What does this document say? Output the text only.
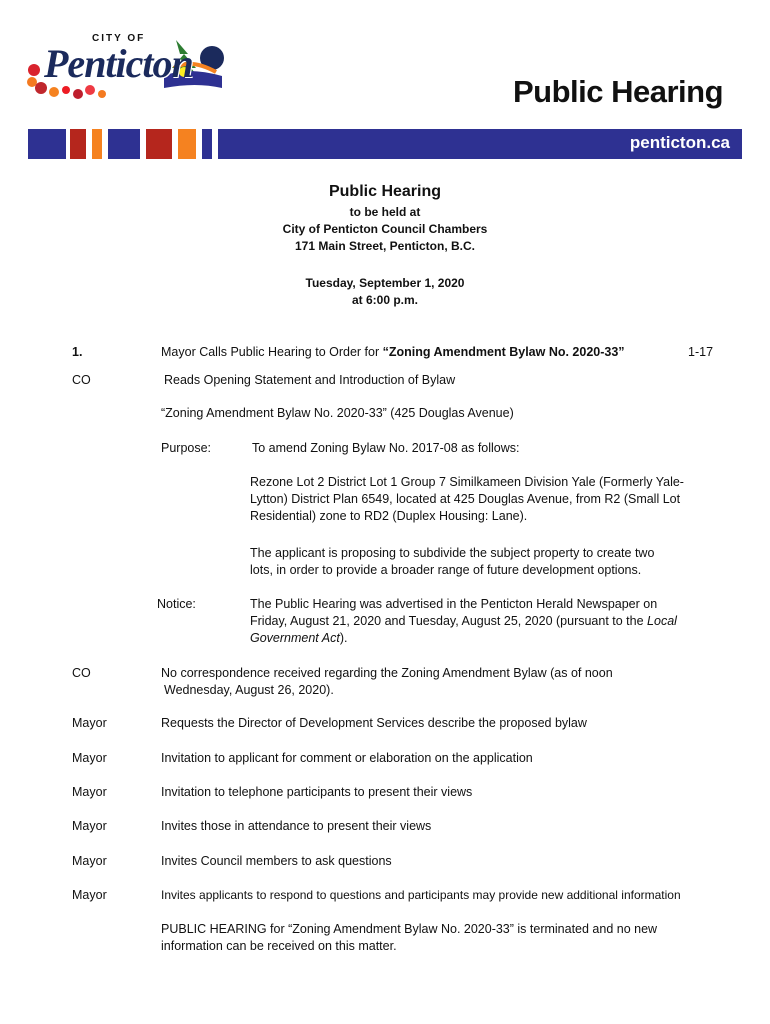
CITY OF
Penticton
Public Hearing
penticton.ca
Public Hearing
to be held at
City of Penticton Council Chambers
171 Main Street, Penticton, B.C.
Tuesday, September 1, 2020
at 6:00 p.m.
1.	Mayor Calls Public Hearing to Order for “Zoning Amendment Bylaw No. 2020-33”	1-17
CO	Reads Opening Statement and Introduction of Bylaw
“Zoning Amendment Bylaw No. 2020-33” (425 Douglas Avenue)
Purpose:	To amend Zoning Bylaw No. 2017-08 as follows:
Rezone Lot 2 District Lot 1 Group 7 Similkameen Division Yale (Formerly Yale-
Lytton) District Plan 6549, located at 425 Douglas Avenue, from R2 (Small Lot
Residential) zone to RD2 (Duplex Housing: Lane).
The applicant is proposing to subdivide the subject property to create two
lots, in order to provide a broader range of future development options.
Notice:	The Public Hearing was advertised in the Penticton Herald Newspaper on
Friday, August 21, 2020 and Tuesday, August 25, 2020 (pursuant to the Local
Government Act).
CO	No correspondence received regarding the Zoning Amendment Bylaw (as of noon
Wednesday, August 26, 2020).
Mayor	Requests the Director of Development Services describe the proposed bylaw
Mayor	Invitation to applicant for comment or elaboration on the application
Mayor	Invitation to telephone participants to present their views
Mayor	Invites those in attendance to present their views
Mayor	Invites Council members to ask questions
Mayor	Invites applicants to respond to questions and participants may provide new additional information
PUBLIC HEARING for “Zoning Amendment Bylaw No. 2020-33” is terminated and no new
information can be received on this matter.
